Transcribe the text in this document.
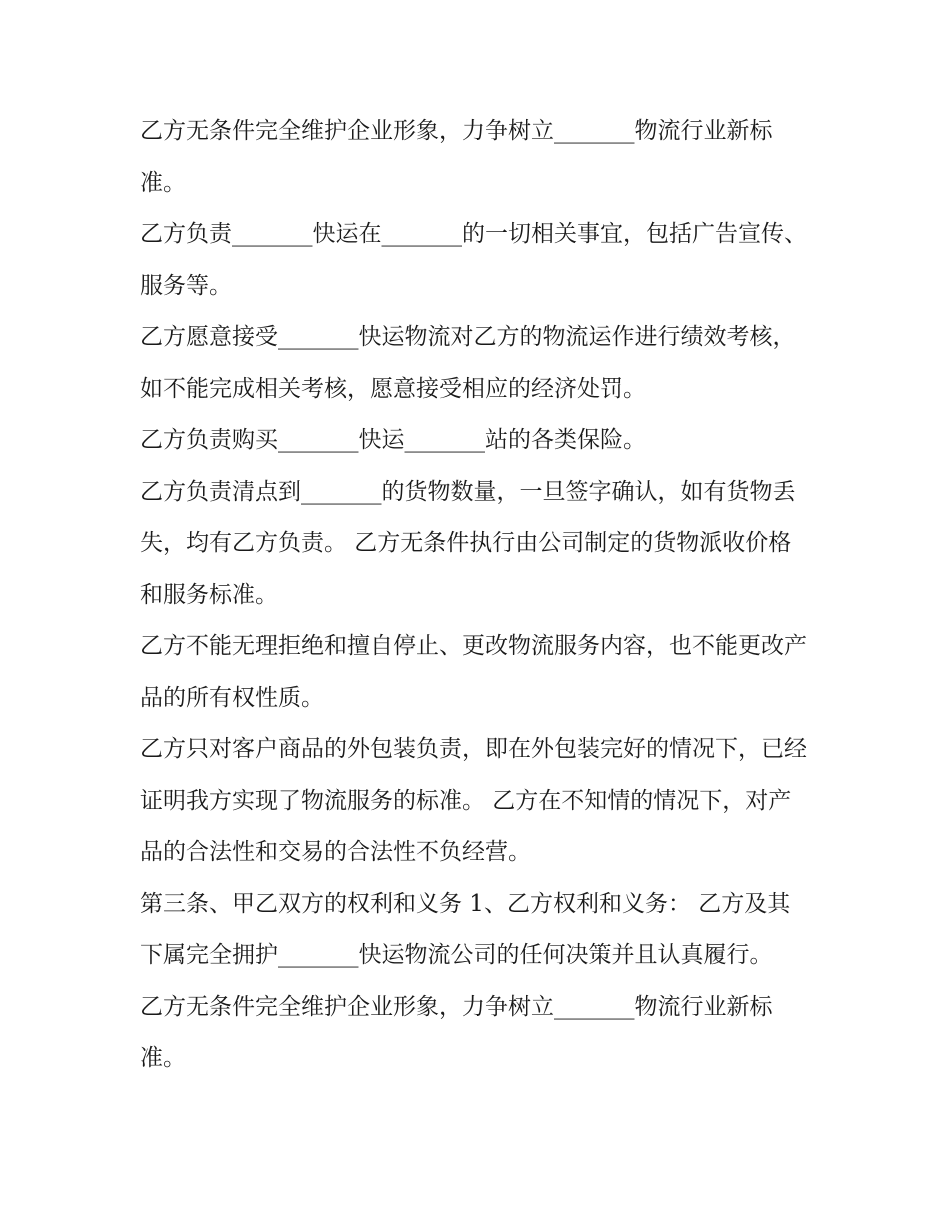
乙方无条件完全维护企业形象，力争树立_______物流行业新标准。

乙方负责_______快运在_______的一切相关事宜，包括广告宣传、服务等。

乙方愿意接受_______快运物流对乙方的物流运作进行绩效考核，如不能完成相关考核，愿意接受相应的经济处罚。

乙方负责购买_______快运_______站的各类保险。

乙方负责清点到_______的货物数量，一旦签字确认，如有货物丢失，均有乙方负责。 乙方无条件执行由公司制定的货物派收价格和服务标准。

乙方不能无理拒绝和擅自停止、更改物流服务内容，也不能更改产品的所有权性质。

乙方只对客户商品的外包装负责，即在外包装完好的情况下，已经证明我方实现了物流服务的标准。 乙方在不知情的情况下，对产品的合法性和交易的合法性不负经营。

第三条、甲乙双方的权利和义务 1、乙方权利和义务： 乙方及其下属完全拥护_______快运物流公司的任何决策并且认真履行。

乙方无条件完全维护企业形象，力争树立_______物流行业新标准。
